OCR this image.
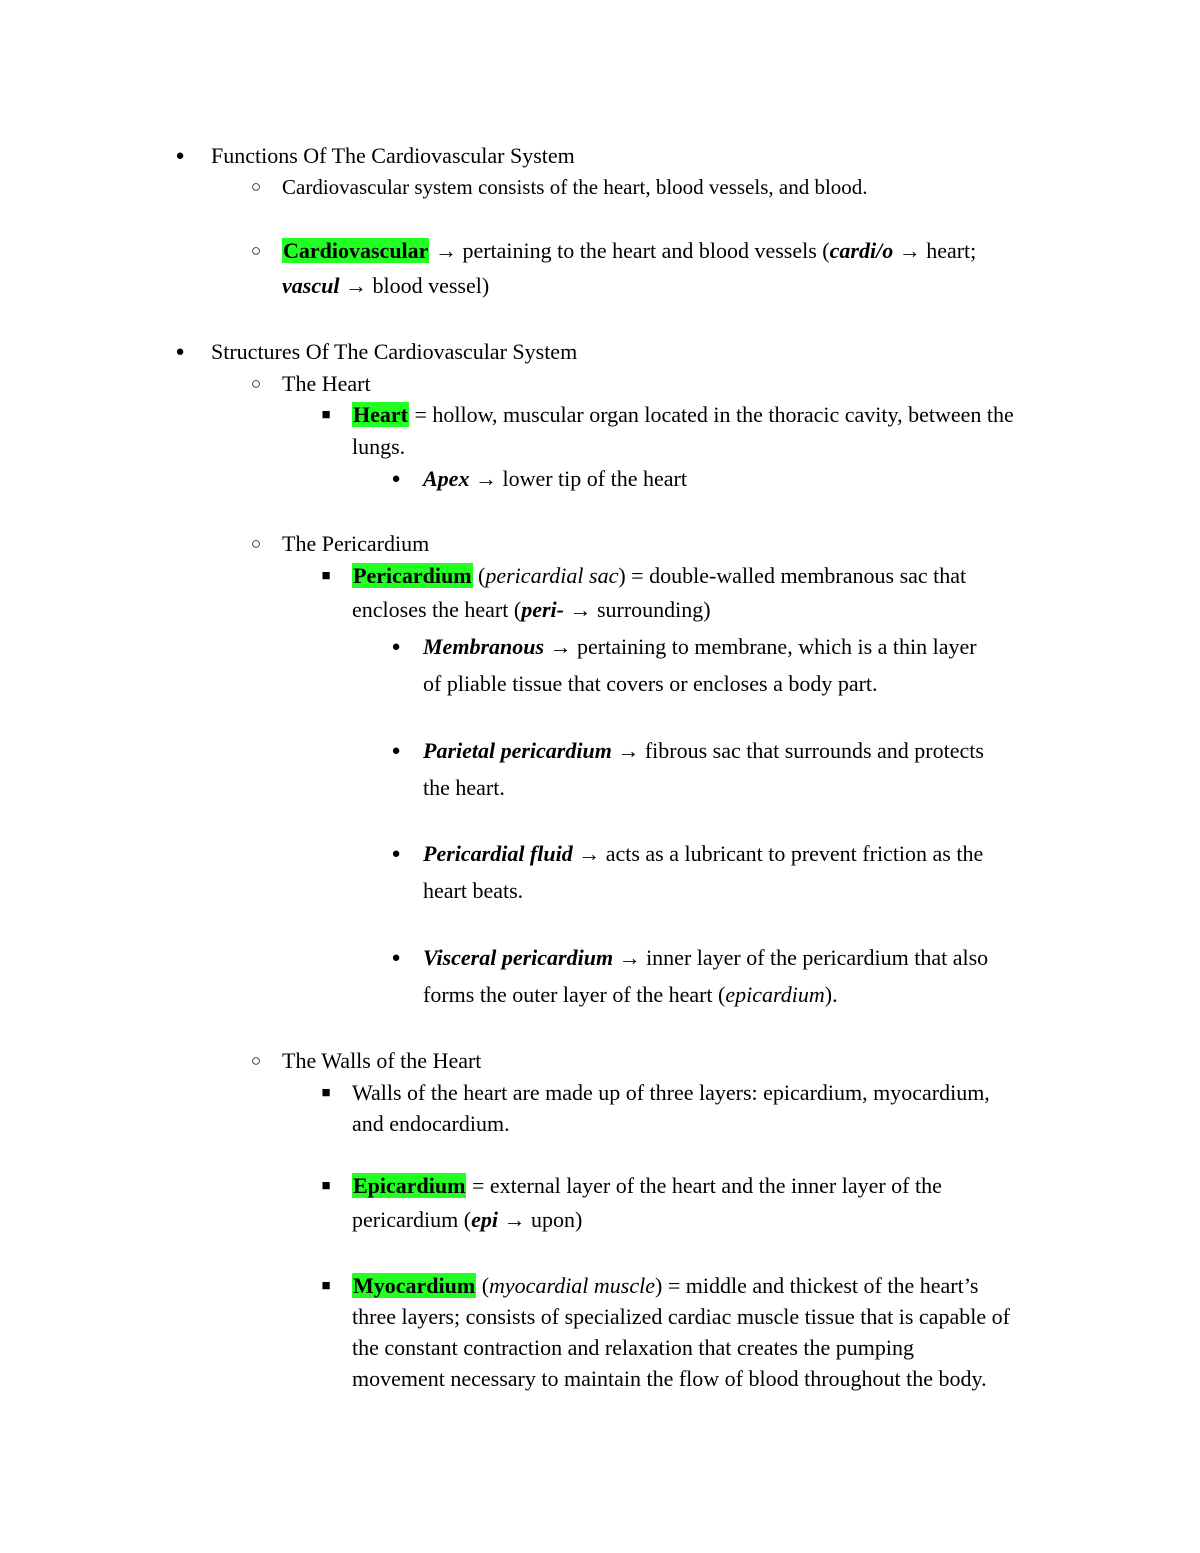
● Functions Of The Cardiovascular System
○ Cardiovascular system consists of the heart, blood vessels, and blood.
○ Cardiovascular → pertaining to the heart and blood vessels (cardi/o → heart;
vascul → blood vessel)
● Structures Of The Cardiovascular System
○ The Heart
■ Heart = hollow, muscular organ located in the thoracic cavity, between the
lungs.
● Apex → lower tip of the heart
○ The Pericardium
■ Pericardium (pericardial sac) = double-walled membranous sac that
encloses the heart (peri- → surrounding)
● Membranous → pertaining to membrane, which is a thin layer
of pliable tissue that covers or encloses a body part.
● Parietal pericardium → fibrous sac that surrounds and protects
the heart.
● Pericardial fluid → acts as a lubricant to prevent friction as the
heart beats.
● Visceral pericardium → inner layer of the pericardium that also
forms the outer layer of the heart (epicardium).
○ The Walls of the Heart
■ Walls of the heart are made up of three layers: epicardium, myocardium,
and endocardium.
■ Epicardium = external layer of the heart and the inner layer of the
pericardium (epi → upon)
■ Myocardium (myocardial muscle) = middle and thickest of the heart’s
three layers; consists of specialized cardiac muscle tissue that is capable of
the constant contraction and relaxation that creates the pumping
movement necessary to maintain the flow of blood throughout the body.
